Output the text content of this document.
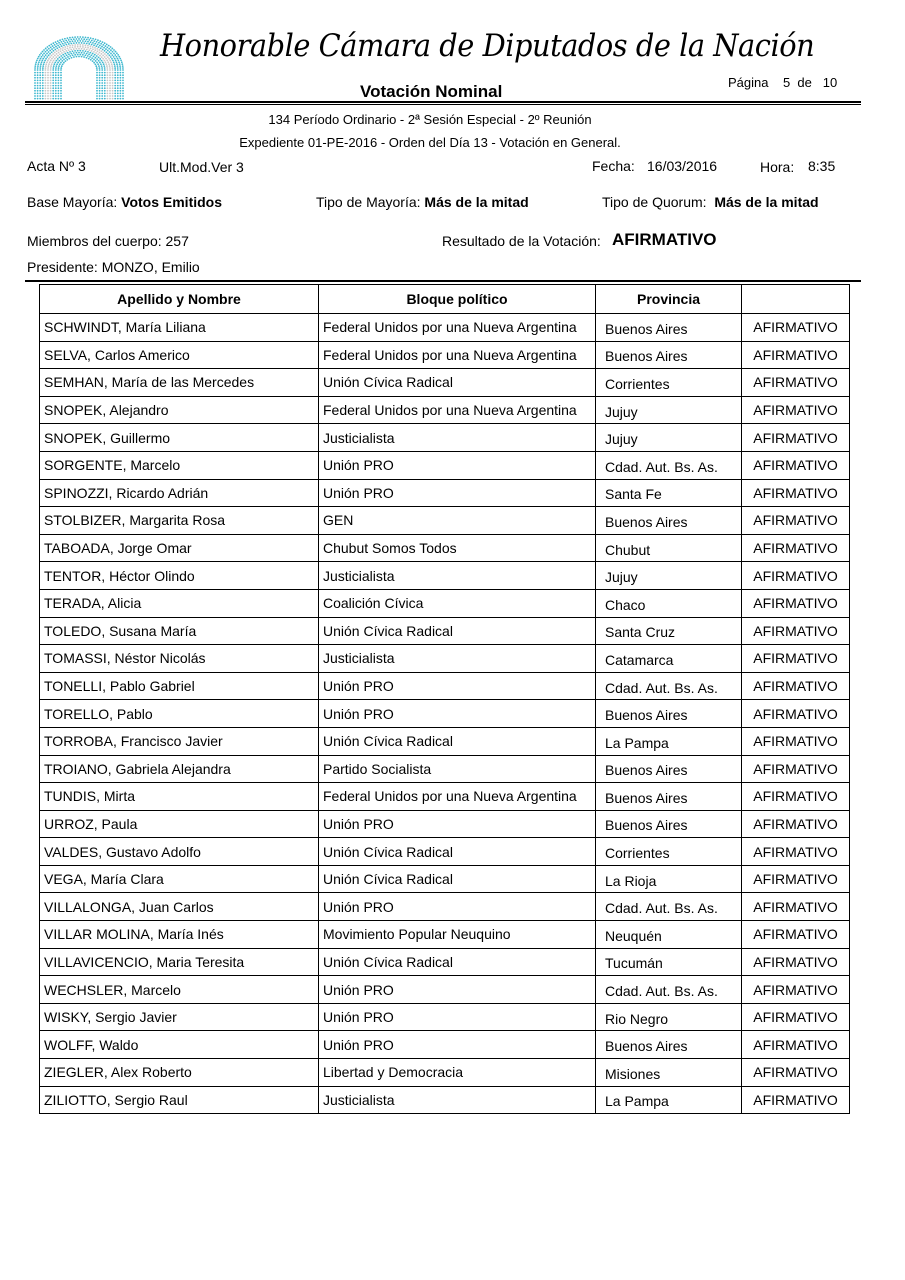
Honorable Cámara de Diputados de la Nación
Votación Nominal	Página 5 de 10
134 Período Ordinario - 2ª Sesión Especial - 2º Reunión
Expediente 01-PE-2016 - Orden del Día 13 - Votación en General.
Acta Nº 3	Ult.Mod.Ver 3	Fecha: 16/03/2016	Hora: 8:35
Base Mayoría: Votos Emitidos	Tipo de Mayoría: Más de la mitad	Tipo de Quorum: Más de la mitad
Miembros del cuerpo: 257	Resultado de la Votación: AFIRMATIVO
Presidente: MONZO, Emilio
Apellido y Nombre	Bloque político	Provincia	
SCHWINDT, María Liliana	Federal Unidos por una Nueva Argentina	Buenos Aires	AFIRMATIVO
SELVA, Carlos Americo	Federal Unidos por una Nueva Argentina	Buenos Aires	AFIRMATIVO
SEMHAN, María de las Mercedes	Unión Cívica Radical	Corrientes	AFIRMATIVO
SNOPEK, Alejandro	Federal Unidos por una Nueva Argentina	Jujuy	AFIRMATIVO
SNOPEK, Guillermo	Justicialista	Jujuy	AFIRMATIVO
SORGENTE, Marcelo	Unión PRO	Cdad. Aut. Bs. As.	AFIRMATIVO
SPINOZZI, Ricardo Adrián	Unión PRO	Santa Fe	AFIRMATIVO
STOLBIZER, Margarita Rosa	GEN	Buenos Aires	AFIRMATIVO
TABOADA, Jorge Omar	Chubut Somos Todos	Chubut	AFIRMATIVO
TENTOR, Héctor Olindo	Justicialista	Jujuy	AFIRMATIVO
TERADA, Alicia	Coalición Cívica	Chaco	AFIRMATIVO
TOLEDO, Susana María	Unión Cívica Radical	Santa Cruz	AFIRMATIVO
TOMASSI, Néstor Nicolás	Justicialista	Catamarca	AFIRMATIVO
TONELLI, Pablo Gabriel	Unión PRO	Cdad. Aut. Bs. As.	AFIRMATIVO
TORELLO, Pablo	Unión PRO	Buenos Aires	AFIRMATIVO
TORROBA, Francisco Javier	Unión Cívica Radical	La Pampa	AFIRMATIVO
TROIANO, Gabriela Alejandra	Partido Socialista	Buenos Aires	AFIRMATIVO
TUNDIS, Mirta	Federal Unidos por una Nueva Argentina	Buenos Aires	AFIRMATIVO
URROZ, Paula	Unión PRO	Buenos Aires	AFIRMATIVO
VALDES, Gustavo Adolfo	Unión Cívica Radical	Corrientes	AFIRMATIVO
VEGA, María Clara	Unión Cívica Radical	La Rioja	AFIRMATIVO
VILLALONGA, Juan Carlos	Unión PRO	Cdad. Aut. Bs. As.	AFIRMATIVO
VILLAR MOLINA, María Inés	Movimiento Popular Neuquino	Neuquén	AFIRMATIVO
VILLAVICENCIO, Maria Teresita	Unión Cívica Radical	Tucumán	AFIRMATIVO
WECHSLER, Marcelo	Unión PRO	Cdad. Aut. Bs. As.	AFIRMATIVO
WISKY, Sergio Javier	Unión PRO	Rio Negro	AFIRMATIVO
WOLFF, Waldo	Unión PRO	Buenos Aires	AFIRMATIVO
ZIEGLER, Alex Roberto	Libertad y Democracia	Misiones	AFIRMATIVO
ZILIOTTO, Sergio Raul	Justicialista	La Pampa	AFIRMATIVO
